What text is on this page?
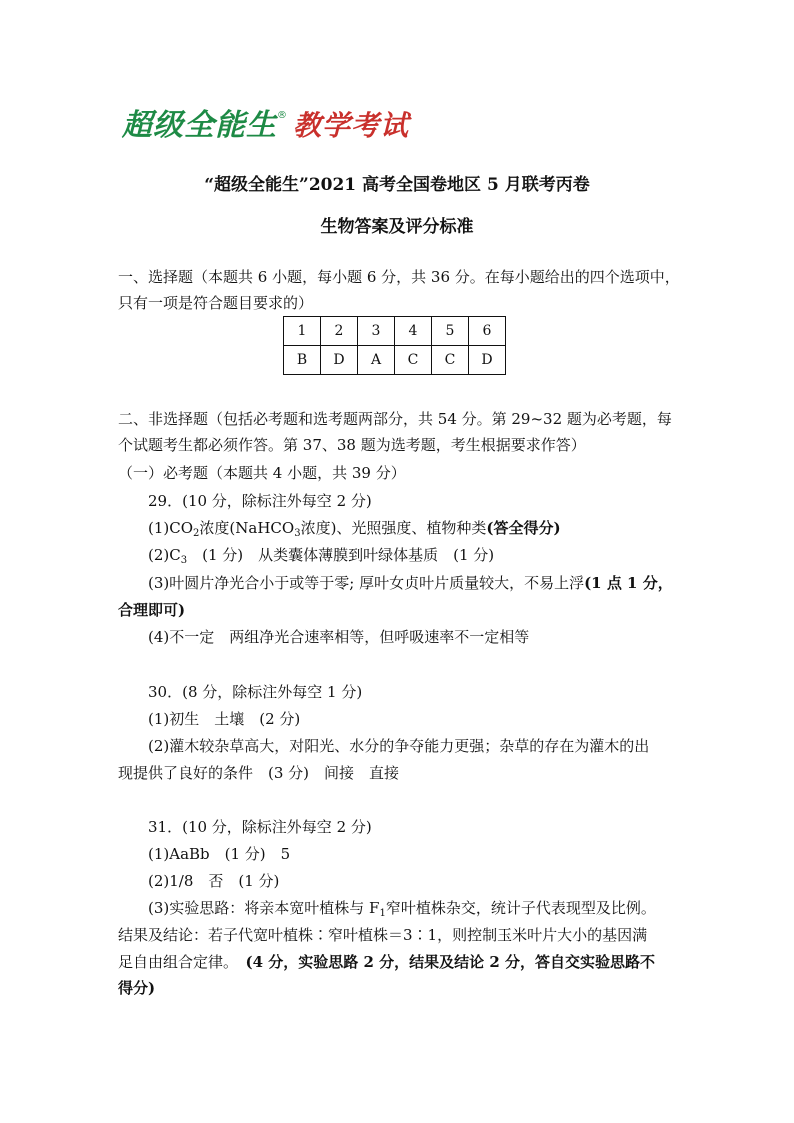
超级全能生 ® 教学考试
“超级全能生”2021 高考全国卷地区 5 月联考丙卷
生物答案及评分标准
一、选择题（本题共 6 小题，每小题 6 分，共 36 分。在每小题给出的四个选项中，
只有一项是符合题目要求的）
1	2	3	4	5	6
B	D	A	C	C	D
二、非选择题（包括必考题和选考题两部分，共 54 分。第 29~32 题为必考题，每
个试题考生都必须作答。第 37、38 题为选考题，考生根据要求作答）
（一）必考题（本题共 4 小题，共 39 分）
29．(10 分，除标注外每空 2 分)
$(1)CO_2$浓度(NaHCO$_3$浓度)、光照强度、植物种类(答全得分)
$(2)C_3$　(1 分)　从类囊体薄膜到叶绿体基质　(1 分)
(3)叶圆片净光合小于或等于零; 厚叶女贞叶片质量较大，不易上浮(1 点 1 分，
合理即可)
(4)不一定　两组净光合速率相等，但呼吸速率不一定相等
30．(8 分，除标注外每空 1 分)
(1)初生　土壤　(2 分)
(2)灌木较杂草高大，对阳光、水分的争夺能力更强；杂草的存在为灌木的出
现提供了良好的条件　(3 分)　间接　直接
31．(10 分，除标注外每空 2 分)
(1)AaBb　(1 分)　5
(2)1/8　否　(1 分)
(3)实验思路：将亲本宽叶植株与 $F_1$窄叶植株杂交，统计子代表现型及比例。
结果及结论：若子代宽叶植株∶窄叶植株＝3∶1，则控制玉米叶片大小的基因满
足自由组合定律。　(4 分，实验思路 2 分，结果及结论 2 分，答自交实验思路不
得分)
